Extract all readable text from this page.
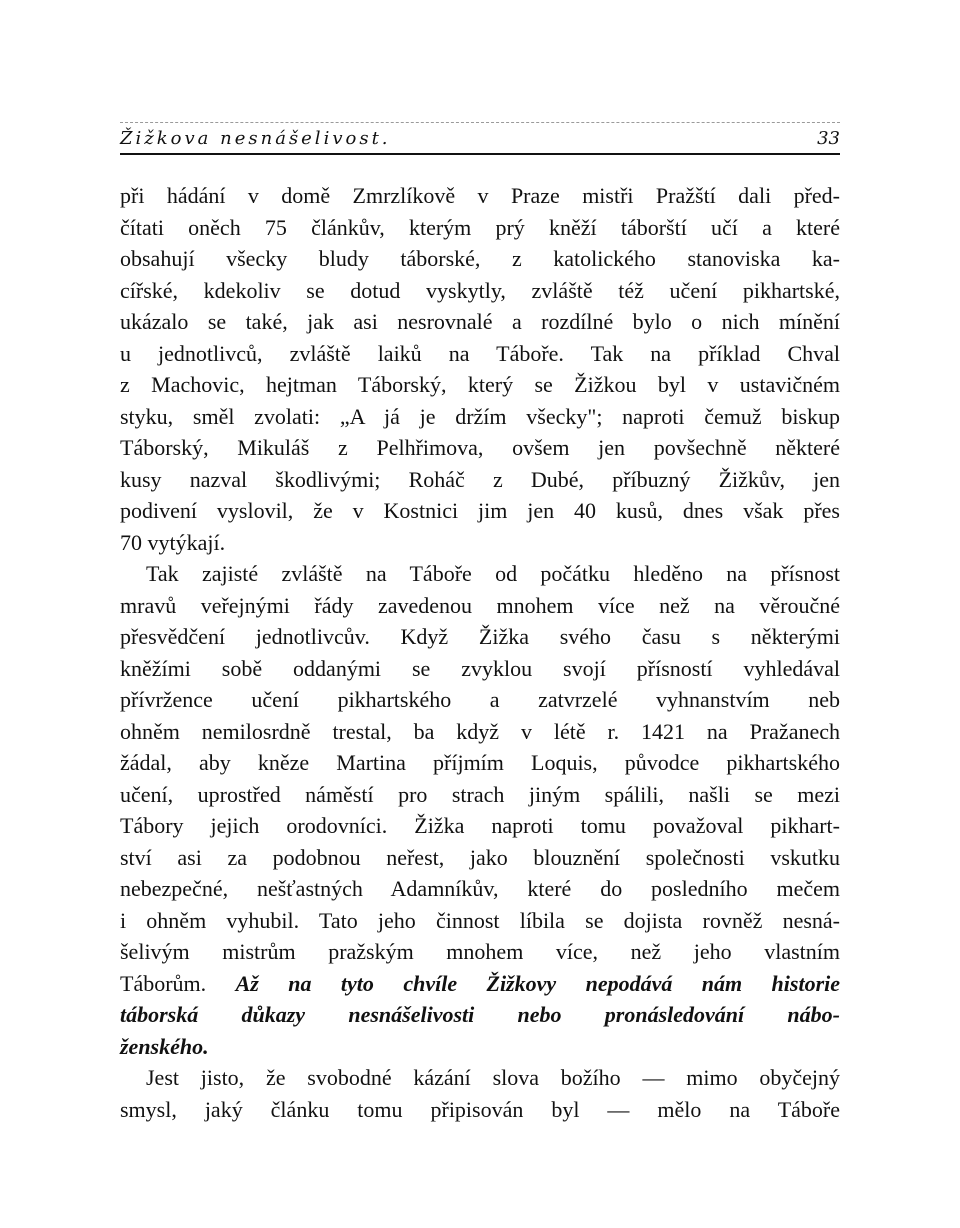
Žižkova nesnášelivost.	33
při hádání v domě Zmrzlíkově v Praze mistři Pražští dali před-
čítati oněch 75 článkův, kterým prý kněží táborští učí a které
obsahují všecky bludy táborské, z katolického stanoviska ka-
cířské, kdekoliv se dotud vyskytly, zvláště též učení pikhartské,
ukázalo se také, jak asi nesrovnalé a rozdílné bylo o nich mínění
u jednotlivců, zvláště laiků na Táboře. Tak na příklad Chval
z Machovic, hejtman Táborský, který se Žižkou byl v ustavičném
styku, směl zvolati: „A já je držím všecky"; naproti čemuž biskup
Táborský, Mikuláš z Pelhřimova, ovšem jen povšechně některé
kusy nazval škodlivými; Roháč z Dubé, příbuzný Žižkův, jen
podivení vyslovil, že v Kostnici jim jen 40 kusů, dnes však přes
70 vytýkají.
Tak zajisté zvláště na Táboře od počátku hleděno na přísnost
mravů veřejnými řády zavedenou mnohem více než na věroučné
přesvědčení jednotlivcův. Když Žižka svého času s některými
kněžími sobě oddanými se zvyklou svojí přísností vyhledával
přívržence učení pikhartského a zatvrzelé vyhnanstvím neb
ohněm nemilosrdně trestal, ba když v létě r. 1421 na Pražanech
žádal, aby kněze Martina příjmím Loquis, původce pikhartského
učení, uprostřed náměstí pro strach jiným spálili, našli se mezi
Tábory jejich orodovníci. Žižka naproti tomu považoval pikhart-
ství asi za podobnou neřest, jako blouznění společnosti vskutku
nebezpečné, nešťastných Adamníkův, které do posledního mečem
i ohněm vyhubil. Tato jeho činnost líbila se dojista rovněž nesná-
šelivým mistrům pražským mnohem více, než jeho vlastním
Táborům. Až na tyto chvíle Žižkovy nepodává nám historie
táborská důkazy nesnášelivosti nebo pronásledování nábo-
ženského.
Jest jisto, že svobodné kázání slova božího — mimo obyčejný
smysl, jaký článku tomu připisován byl — mělo na Táboře
